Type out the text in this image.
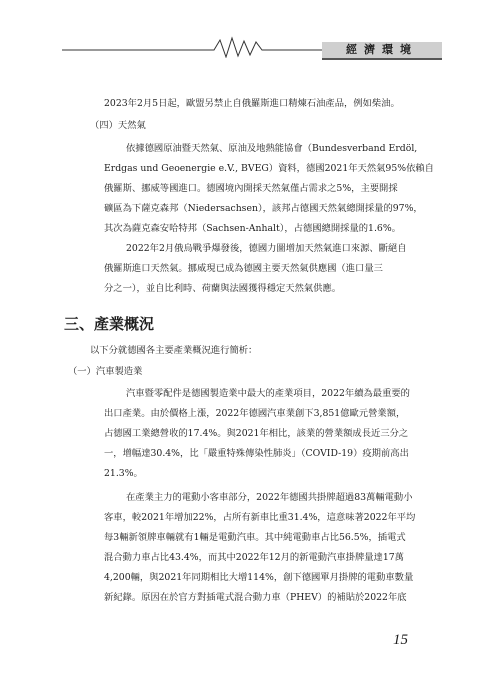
經濟環境
2023年2月5日起，歐盟另禁止自俄羅斯進口精煉石油產品，例如柴油。
（四）天然氣
依據德國原油暨天然氣、原油及地熱能協會（Bundesverband Erdöl,
Erdgas und Geoenergie e.V., BVEG）資料，德國2021年天然氣95%依賴自
俄羅斯、挪威等國進口。德國境內開採天然氣僅占需求之5%，主要開採
礦區為下薩克森邦（Niedersachsen），該邦占德國天然氣總開採量的97%，
其次為薩克森安哈特邦（Sachsen-Anhalt），占德國總開採量的1.6%。
2022年2月俄烏戰爭爆發後，德國力圖增加天然氣進口來源、斷絕自
俄羅斯進口天然氣。挪威現已成為德國主要天然氣供應國（進口量三
分之一），並自比利時、荷蘭與法國獲得穩定天然氣供應。
三、產業概況
以下分就德國各主要產業概況進行簡析：
（一）汽車製造業
汽車暨零配件是德國製造業中最大的產業項目，2022年續為最重要的
出口產業。由於價格上漲，2022年德國汽車業創下3,851億歐元營業額，
占德國工業總營收的17.4%。與2021年相比，該業的營業額成長近三分之
一，增幅達30.4%，比「嚴重特殊傳染性肺炎」（COVID-19）疫期前高出
21.3%。
在產業主力的電動小客車部分，2022年德國共掛牌超過83萬輛電動小
客車，較2021年增加22%，占所有新車比重31.4%，這意味著2022年平均
每3輛新領牌車輛就有1輛是電動汽車。其中純電動車占比56.5%，插電式
混合動力車占比43.4%，而其中2022年12月的新電動汽車掛牌量達17萬
4,200輛，與2021年同期相比大增114%，創下德國單月掛牌的電動車數量
新紀錄。原因在於官方對插電式混合動力車（PHEV）的補貼於2022年底
15
